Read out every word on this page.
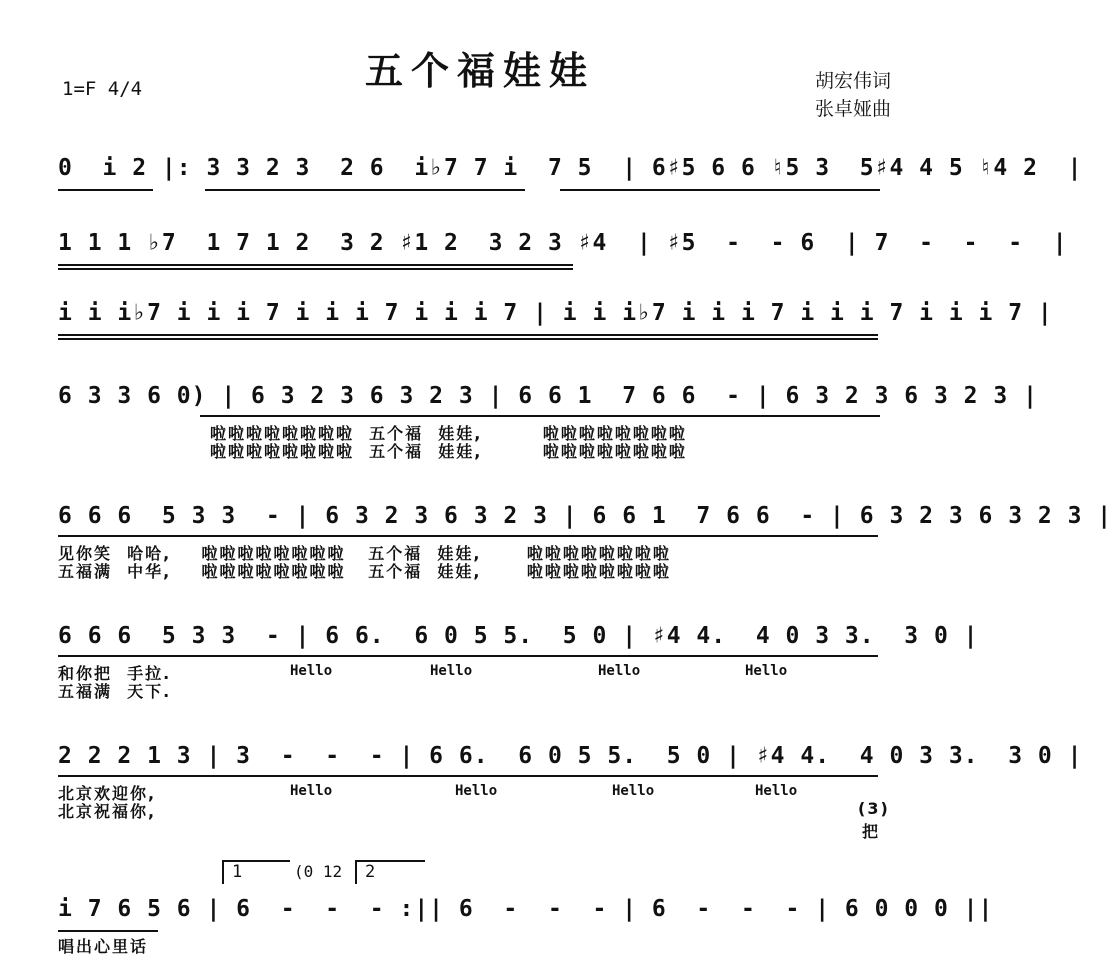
五个福娃娃
1=F 4/4	胡宏伟词
张卓娅曲
0  i 2 |: 3 3 2 3  2 6  i♭7 7 i  7 5  | 6♯5 6 6 ♮5 3  5♯4 4 5 ♮4 2  |
1 1 1 ♭7  1 7 1 2  3 2 ♯1 2  3 2 3 ♯4  | ♯5  -  - 6  | 7  -  -  -  |
i i i♭7 i i i 7 i i i 7 i i i 7 | i i i♭7 i i i 7 i i i 7 i i i 7 |
6 3 3 6 0) | 6 3 2 3 6 3 2 3 | 6 6 1  7 6 6  - | 6 3 2 3 6 3 2 3 |
啦啦啦啦啦啦啦啦  五个福  娃娃,        啦啦啦啦啦啦啦啦
啦啦啦啦啦啦啦啦  五个福  娃娃,        啦啦啦啦啦啦啦啦
6 6 6  5 3 3  - | 6 3 2 3 6 3 2 3 | 6 6 1  7 6 6  - | 6 3 2 3 6 3 2 3 |
见你笑  哈哈,    啦啦啦啦啦啦啦啦   五个福  娃娃,      啦啦啦啦啦啦啦啦
五福满  中华,    啦啦啦啦啦啦啦啦   五个福  娃娃,      啦啦啦啦啦啦啦啦
6 6 6  5 3 3  - | 6 6.  6 0 5 5.  5 0 | ♯4 4.  4 0 3 3.  3 0 |
和你把  手拉.
五福满  天下.
Hello	Hello	Hello	Hello
2 2 2 1 3 | 3  -  -  - | 6 6.  6 0 5 5.  5 0 | ♯4 4.  4 0 3 3.  3 0 |
北京欢迎你,
北京祝福你,
Hello	Hello	Hello	Hello
(3)
把
1	(0 12	2
i 7 6 5 6 | 6  -  -  - :|| 6  -  -  - | 6  -  -  - | 6 0 0 0 ||
唱出心里话
